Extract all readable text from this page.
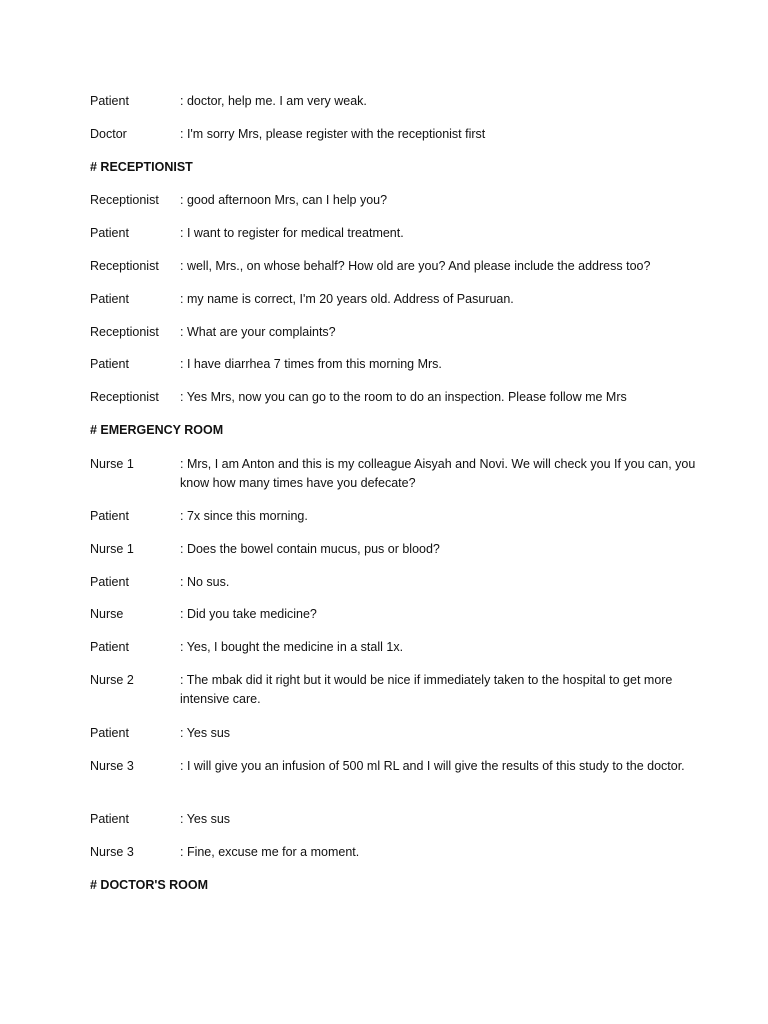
Patient	: doctor, help me. I am very weak.
Doctor	: I'm sorry Mrs, please register with the receptionist first
# RECEPTIONIST
Receptionist	: good afternoon Mrs, can I help you?
Patient	: I want to register for medical treatment.
Receptionist	: well, Mrs., on whose behalf? How old are you? And please include the address too?
Patient	: my name is correct, I'm 20 years old. Address of Pasuruan.
Receptionist	: What are your complaints?
Patient	: I have diarrhea 7 times from this morning Mrs.
Receptionist	: Yes Mrs, now you can go to the room to do an inspection. Please follow me Mrs
# EMERGENCY ROOM
Nurse 1	: Mrs, I am Anton and this is my colleague Aisyah and Novi. We will check you If you can, you know how many times have you defecate?
Patient	: 7x since this morning.
Nurse 1	: Does the bowel contain mucus, pus or blood?
Patient	: No sus.
Nurse	: Did you take medicine?
Patient	: Yes, I bought the medicine in a stall 1x.
Nurse 2	: The mbak did it right but it would be nice if immediately taken to the hospital to get more intensive care.
Patient	: Yes sus
Nurse 3	: I will give you an infusion of 500 ml RL and I will give the results of this study to the doctor.
Patient	: Yes sus
Nurse 3	: Fine, excuse me for a moment.
# DOCTOR'S ROOM
